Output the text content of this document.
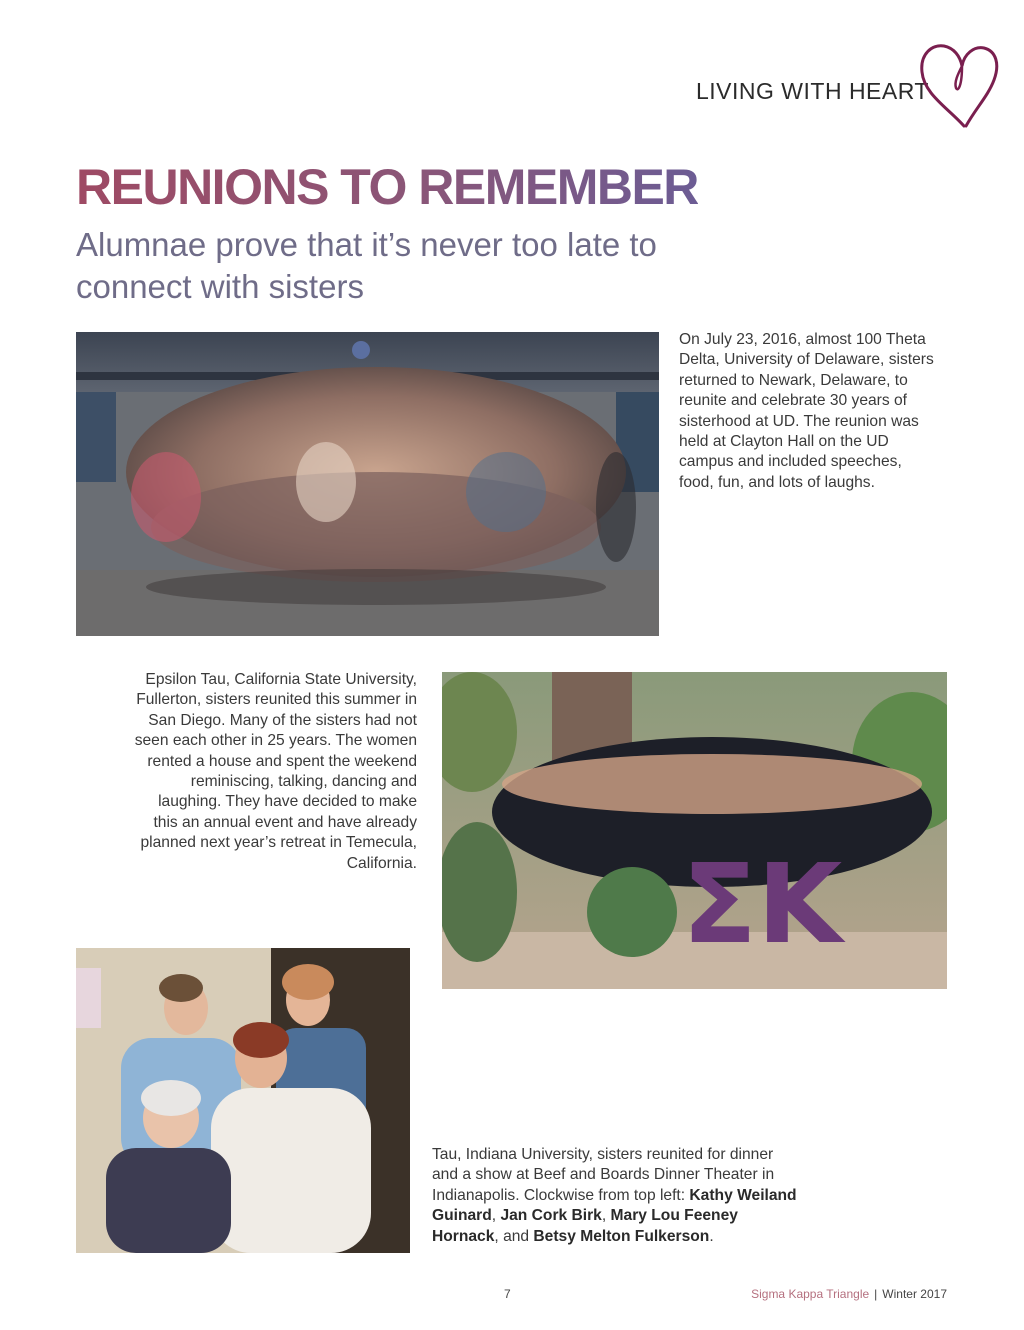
LIVING WITH HEART
REUNIONS TO REMEMBER
Alumnae prove that it’s never too late to connect with sisters

On July 23, 2016, almost 100 Theta Delta, University of Delaware, sisters returned to Newark, Delaware, to reunite and celebrate 30 years of sisterhood at UD. The reunion was held at Clayton Hall on the UD campus and included speeches, food, fun, and lots of laughs.

Epsilon Tau, California State University, Fullerton, sisters reunited this summer in San Diego. Many of the sisters had not seen each other in 25 years. The women rented a house and spent the weekend reminiscing, talking, dancing and laughing. They have decided to make this an annual event and have already planned next year’s retreat in Temecula, California. ΣK

Tau, Indiana University, sisters reunited for dinner and a show at Beef and Boards Dinner Theater in Indianapolis. Clockwise from top left: Kathy Weiland Guinard, Jan Cork Birk, Mary Lou Feeney Hornack, and Betsy Melton Fulkerson.

7	Sigma Kappa Triangle | Winter 2017
